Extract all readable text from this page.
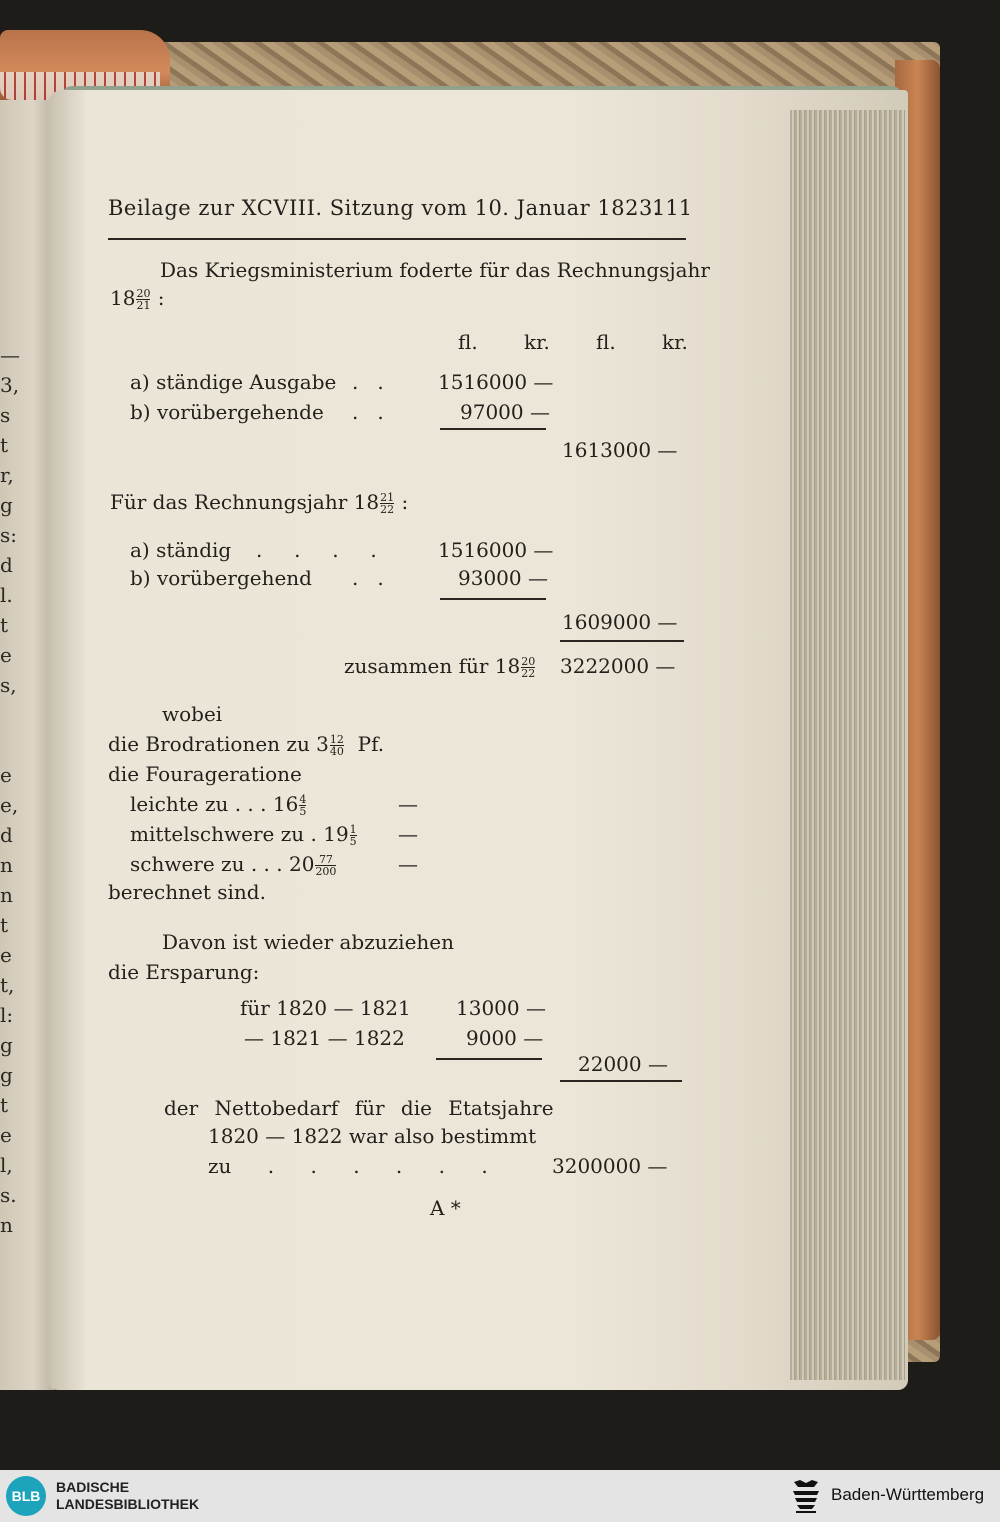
—
3,
s
t
r,
g
s:
d
l.
t
e
s,

e
e,
d
n
n
t
e
t,
l:
g
g
t
e
l,
s.
n
Beilage zur XCVIII. Sitzung vom 10. Januar 1823.
111
Das Kriegsministerium foderte für das Rechnungsjahr
$18 \frac{20}{21}$ :
fl. kr. fl. kr.
a) ständige Ausgabe .   .	1516000 —
b) vorübergehende .   .	97000 —
1613000 —
Für das Rechnungsjahr $18 \frac{21}{22}$ :
a) ständig .     .     .     .	1516000 —
b) vorübergehend .   .	93000 —
1609000 —
zusammen für $18 \frac{20}{22} 3222000$ —
wobei
die Brodrationen zu $3 \frac{12}{40} Pf$.
die Fourageratione
leichte zu . . . $16 \frac{4}{5}$	—
mittelschwere zu . $19 \frac{1}{5}$ —
schwere zu . . . $20 \frac{77}{200}$	—
berechnet sind.
Davon ist wieder abzuziehen
die Ersparung:
für 1820 — 1821 13000 —
— 1821 — 1822	9000 —
22000 —
der Nettobedarf für die Etatsjahre
1820 — 1822 war also bestimmt
zu . . . . . .	3200000 —
A *
BLB
BADISCHE
LANDESBIBLIOTHEK	Baden-Württemberg
